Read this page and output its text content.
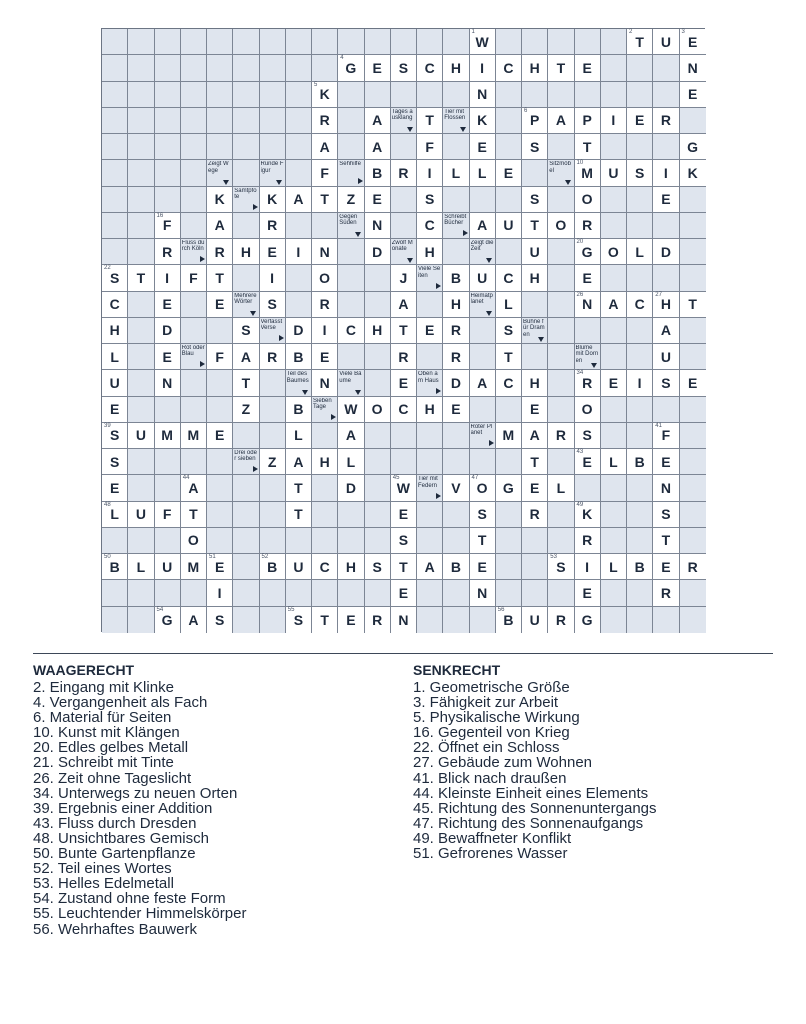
1
W
2
T	U
3
E
4
G	E	S	C	H	I	C	H	T	E	N
5
K	N	E
R	A
Tages ausklang T
Tier mit Flossen K
6
P	A	P	I	E	R
A	A	F	E	S	T	G
Zeigt Wege
Runde Figur	F
Sehhilfe
B	R	I	L	L	E
Sitzmöbel
10
M	U	S	I	K
K
Samtpfote	K	A	T	Z	E	S	S	O	E
16
F	A	R
Gegen Süden	N	C
Schreibt Bücher A	U	T	O	R
R
Fluss durch Köln R	H	E	I	N	D
Zwölf Monate	H
Zeigt die Zeit	U
20
G	O	L	D
22
S	T	I	F	T	I	O	J
Viele Seiten	B	U	C	H	E
C	E	E
Mehrere Wörter	S	R	A	H
Heimatplanet	L
26
N	A	C
27
H	T
H	D	S
Verfasst Verse	D	I	C	H	T	E	R	S
Bühne für Dramen	A
L	E
Rot oder Blau	F	A	R	B	E	R	R	T
Blume mit Dornen	U
U	N	T
Teil des Baumes N
Viele Bäume	E
Oben am Haus D	A	C	H
34
R	E	I	S	E
E	Z	B
Sieben Tage	W	O	C	H	E	E	O
39
S	U	M	M	E	L	A
Roter Planet	M	A	R	S
41
F
S
Drei oder sieben Z	A	H	L	T
43
E	L	B	E
E
44
A	T	D
45
W
Tier mit Federn	V
47
O	G	E	L	N
48
L	U	F	T	T	E	S	R
49
K	S
O	S	T	R	T
50
B	L	U	M
51
E
52
B	U	C	H	S	T	A	B	E
53
S	I	L	B	E	R
I	E	N	E	R
54
G	A	S
55
S	T	E	R	N
56
B	U	R	G
WAAGERECHT
2. Eingang mit Klinke
4. Vergangenheit als Fach
6. Material für Seiten
10. Kunst mit Klängen
20. Edles gelbes Metall
21. Schreibt mit Tinte
26. Zeit ohne Tageslicht
34. Unterwegs zu neuen Orten
39. Ergebnis einer Addition
43. Fluss durch Dresden
48. Unsichtbares Gemisch
50. Bunte Gartenpflanze
52. Teil eines Wortes
53. Helles Edelmetall
54. Zustand ohne feste Form
55. Leuchtender Himmelskörper
56. Wehrhaftes Bauwerk
SENKRECHT
1. Geometrische Größe
3. Fähigkeit zur Arbeit
5. Physikalische Wirkung
16. Gegenteil von Krieg
22. Öffnet ein Schloss
27. Gebäude zum Wohnen
41. Blick nach draußen
44. Kleinste Einheit eines Elements
45. Richtung des Sonnenuntergangs
47. Richtung des Sonnenaufgangs
49. Bewaffneter Konflikt
51. Gefrorenes Wasser
